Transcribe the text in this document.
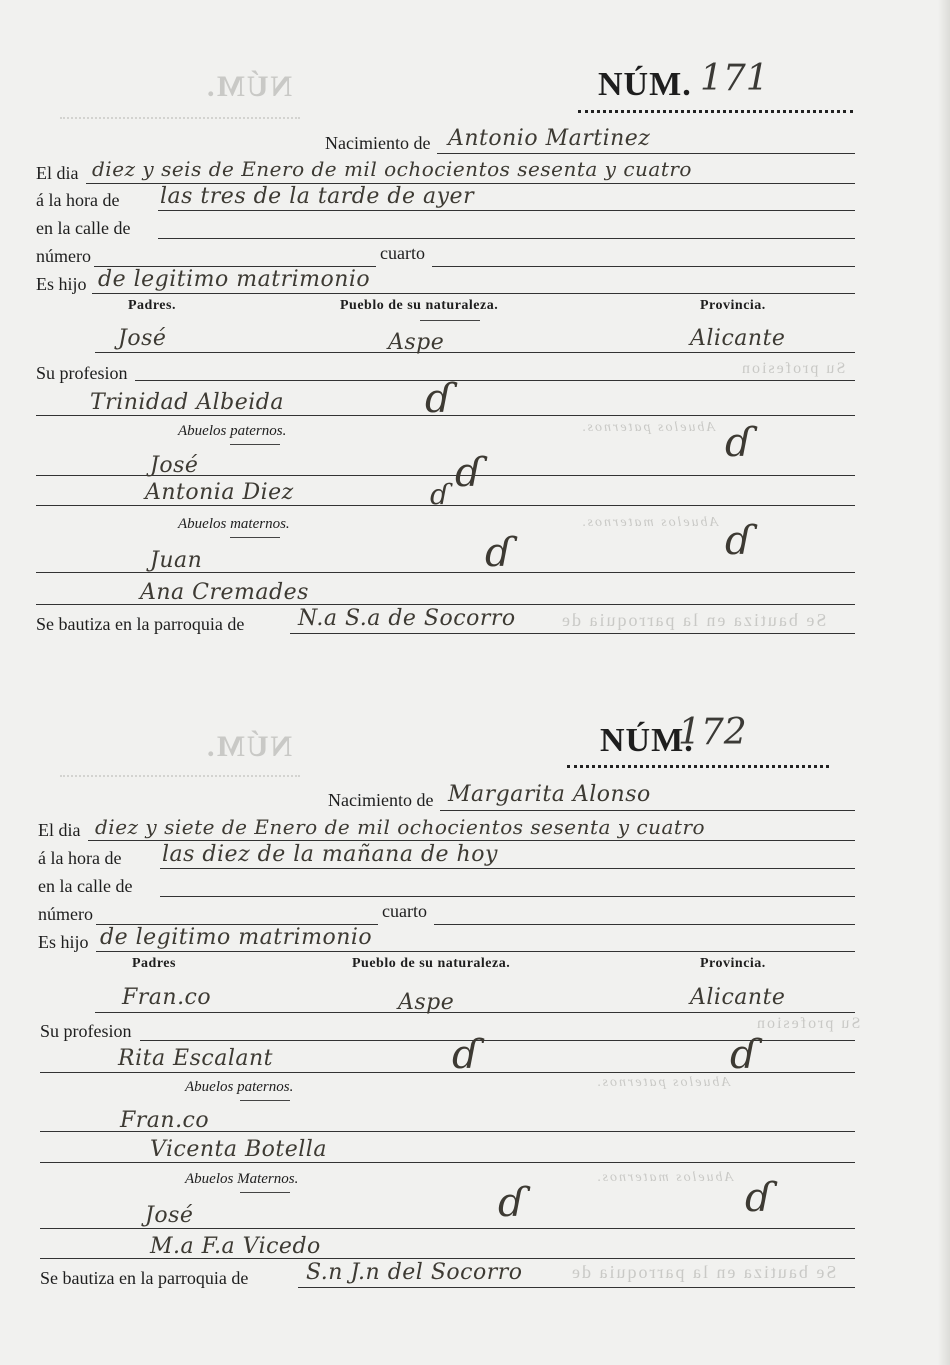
NÚM.
Abuelos paternos.
Abuelos maternos.
Se bautiza en la parroquia de
Su profesion
NÚM.
Abuelos paternos.
Abuelos maternos.
Se bautiza en la parroquia de
Su profesion
NÚM. 171
Nacimiento de Antonio Martinez
El dia diez y seis de Enero de mil ochocientos sesenta y cuatro
á la hora de las tres de la tarde de ayer
en la calle de
número	cuarto
Es hijo de legitimo matrimonio
Padres.	Pueblo de su naturaleza.	Provincia.
José	Aspe	Alicante
Su profesion
Trinidad Albeida	ɗ
Abuelos paternos.
José	ɗ
ɗ
Antonia Diez	ɗ
Abuelos maternos.
Juan	ɗ	ɗ
Ana Cremades
Se bautiza en la parroquia de N.a S.a de Socorro
NÚM.
172
Nacimiento de Margarita Alonso
El dia diez y siete de Enero de mil ochocientos sesenta y cuatro
á la hora de las diez de la mañana de hoy
en la calle de
número	cuarto
Es hijo de legitimo matrimonio
Padres	Pueblo de su naturaleza.	Provincia.
Fran.co	Aspe	Alicante
Su profesion
Rita Escalant	ɗ	ɗ
Abuelos paternos.
Fran.co
Vicenta Botella
Abuelos Maternos.
José	ɗ	ɗ
M.a F.a Vicedo
Se bautiza en la parroquia de	S.n J.n del Socorro
